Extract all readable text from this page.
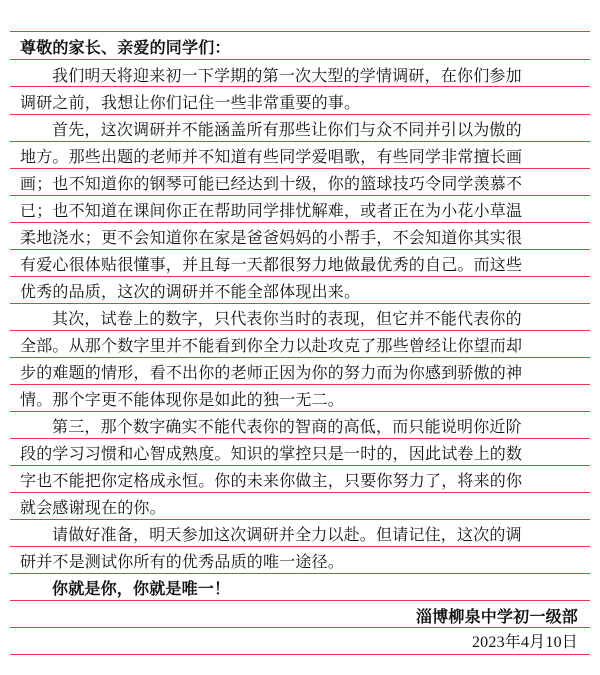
尊敬的家长、亲爱的同学们：
我们明天将迎来初一下学期的第一次大型的学情调研，在你们参加
调研之前，我想让你们记住一些非常重要的事。
首先，这次调研并不能涵盖所有那些让你们与众不同并引以为傲的
地方。那些出题的老师并不知道有些同学爱唱歌，有些同学非常擅长画
画；也不知道你的钢琴可能已经达到十级，你的篮球技巧令同学羡慕不
已；也不知道在课间你正在帮助同学排忧解难，或者正在为小花小草温
柔地浇水；更不会知道你在家是爸爸妈妈的小帮手，不会知道你其实很
有爱心很体贴很懂事，并且每一天都很努力地做最优秀的自己。而这些
优秀的品质，这次的调研并不能全部体现出来。
其次，试卷上的数字，只代表你当时的表现，但它并不能代表你的
全部。从那个数字里并不能看到你全力以赴攻克了那些曾经让你望而却
步的难题的情形，看不出你的老师正因为你的努力而为你感到骄傲的神
情。那个字更不能体现你是如此的独一无二。
第三，那个数字确实不能代表你的智商的高低，而只能说明你近阶
段的学习习惯和心智成熟度。知识的掌控只是一时的，因此试卷上的数
字也不能把你定格成永恒。你的未来你做主，只要你努力了，将来的你
就会感谢现在的你。
请做好准备，明天参加这次调研并全力以赴。但请记住，这次的调
研并不是测试你所有的优秀品质的唯一途径。
你就是你，你就是唯一！
淄博柳泉中学初一级部
2023年4月10日
